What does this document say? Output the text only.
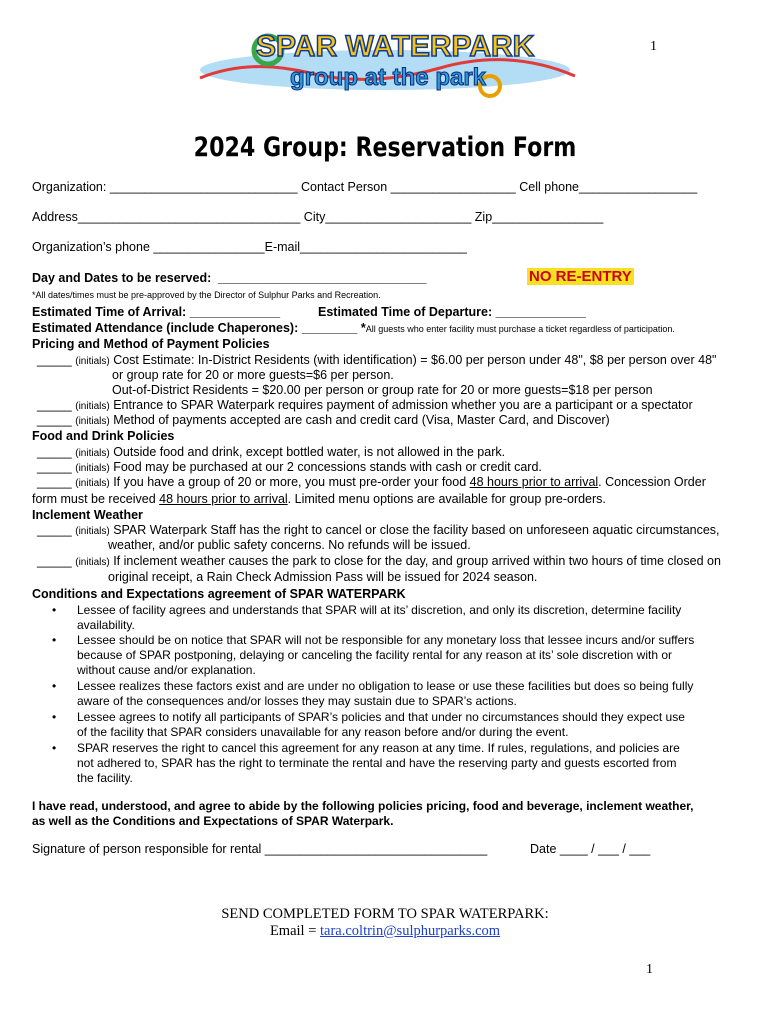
1
SPAR WATERPARK
group at the park
2024 Group: Reservation Form
Organization: ___________________________ Contact Person __________________ Cell phone_________________
Address________________________________ City_____________________ Zip________________
Organization’s phone ________________E-mail________________________
Day and Dates to be reserved: ______________________________	NO RE-ENTRY
*All dates/times must be pre-approved by the Director of Sulphur Parks and Recreation.
Estimated Time of Arrival: _____________	Estimated Time of Departure: _____________
Estimated Attendance (include Chaperones): ________ *All guests who enter facility must purchase a ticket regardless of participation.
Pricing and Method of Payment Policies
_____ (initials) Cost Estimate: In-District Residents (with identification) = $6.00 per person under 48", $8 per person over 48"
or group rate for 20 or more guests=$6 per person.
Out-of-District Residents = $20.00 per person or group rate for 20 or more guests=$18 per person
_____ (initials) Entrance to SPAR Waterpark requires payment of admission whether you are a participant or a spectator
_____ (initials) Method of payments accepted are cash and credit card (Visa, Master Card, and Discover)
Food and Drink Policies
_____ (initials) Outside food and drink, except bottled water, is not allowed in the park.
_____ (initials) Food may be purchased at our 2 concessions stands with cash or credit card.
_____ (initials) If you have a group of 20 or more, you must pre-order your food 48 hours prior to arrival. Concession Order
form must be received 48 hours prior to arrival. Limited menu options are available for group pre-orders.
Inclement Weather
_____ (initials) SPAR Waterpark Staff has the right to cancel or close the facility based on unforeseen aquatic circumstances,
weather, and/or public safety concerns. No refunds will be issued.
_____ (initials) If inclement weather causes the park to close for the day, and group arrived within two hours of time closed on
original receipt, a Rain Check Admission Pass will be issued for 2024 season.
Conditions and Expectations agreement of SPAR WATERPARK
• Lessee of facility agrees and understands that SPAR will at its’ discretion, and only its discretion, determine facility
availability.
• Lessee should be on notice that SPAR will not be responsible for any monetary loss that lessee incurs and/or suffers
because of SPAR postponing, delaying or canceling the facility rental for any reason at its’ sole discretion with or
without cause and/or explanation.
• Lessee realizes these factors exist and are under no obligation to lease or use these facilities but does so being fully
aware of the consequences and/or losses they may sustain due to SPAR’s actions.
• Lessee agrees to notify all participants of SPAR’s policies and that under no circumstances should they expect use
of the facility that SPAR considers unavailable for any reason before and/or during the event.
• SPAR reserves the right to cancel this agreement for any reason at any time. If rules, regulations, and policies are
not adhered to, SPAR has the right to terminate the rental and have the reserving party and guests escorted from
the facility.
I have read, understood, and agree to abide by the following policies pricing, food and beverage, inclement weather,
as well as the Conditions and Expectations of SPAR Waterpark.
Signature of person responsible for rental ________________________________	Date ____ / ___ / ___
SEND COMPLETED FORM TO SPAR WATERPARK:
Email = tara.coltrin@sulphurparks.com
1
